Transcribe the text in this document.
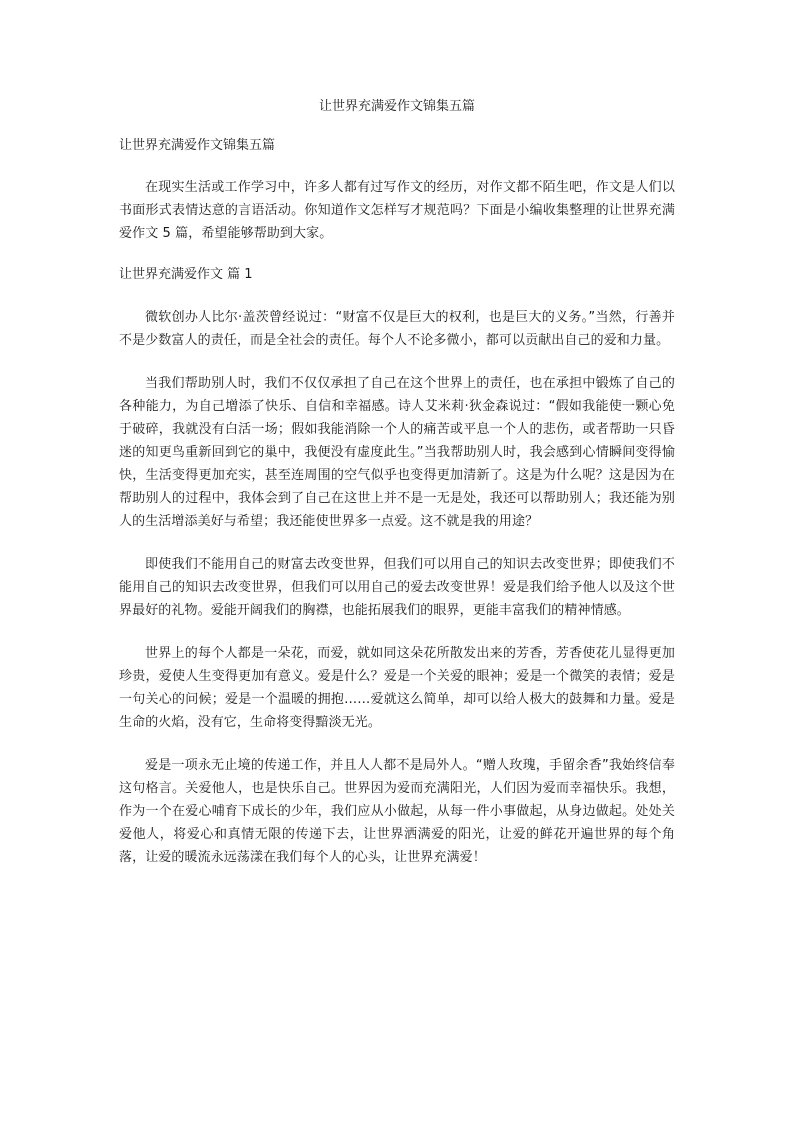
让世界充满爱作文锦集五篇
让世界充满爱作文锦集五篇

在现实生活或工作学习中，许多人都有过写作文的经历，对作文都不陌生吧，作文是人们以书面形式表情达意的言语活动。你知道作文怎样写才规范吗？下面是小编收集整理的让世界充满爱作文 5 篇，希望能够帮助到大家。

让世界充满爱作文 篇 1

微软创办人比尔·盖茨曾经说过：“财富不仅是巨大的权利，也是巨大的义务。”当然，行善并不是少数富人的责任，而是全社会的责任。每个人不论多微小，都可以贡献出自己的爱和力量。

当我们帮助别人时，我们不仅仅承担了自己在这个世界上的责任，也在承担中锻炼了自己的各种能力，为自己增添了快乐、自信和幸福感。诗人艾米莉·狄金森说过：“假如我能使一颗心免于破碎，我就没有白活一场；假如我能消除一个人的痛苦或平息一个人的悲伤，或者帮助一只昏迷的知更鸟重新回到它的巢中，我便没有虚度此生。”当我帮助别人时，我会感到心情瞬间变得愉快，生活变得更加充实，甚至连周围的空气似乎也变得更加清新了。这是为什么呢？这是因为在帮助别人的过程中，我体会到了自己在这世上并不是一无是处，我还可以帮助别人；我还能为别人的生活增添美好与希望；我还能使世界多一点爱。这不就是我的用途？

即使我们不能用自己的财富去改变世界，但我们可以用自己的知识去改变世界；即使我们不能用自己的知识去改变世界，但我们可以用自己的爱去改变世界！爱是我们给予他人以及这个世界最好的礼物。爱能开阔我们的胸襟，也能拓展我们的眼界，更能丰富我们的精神情感。

世界上的每个人都是一朵花，而爱，就如同这朵花所散发出来的芳香，芳香使花儿显得更加珍贵，爱使人生变得更加有意义。爱是什么？爱是一个关爱的眼神；爱是一个微笑的表情；爱是一句关心的问候；爱是一个温暖的拥抱……爱就这么简单，却可以给人极大的鼓舞和力量。爱是生命的火焰，没有它，生命将变得黯淡无光。

爱是一项永无止境的传递工作，并且人人都不是局外人。“赠人玫瑰，手留余香”我始终信奉这句格言。关爱他人，也是快乐自己。世界因为爱而充满阳光，人们因为爱而幸福快乐。我想，作为一个在爱心哺育下成长的少年，我们应从小做起，从每一件小事做起，从身边做起。处处关爱他人，将爱心和真情无限的传递下去，让世界洒满爱的阳光，让爱的鲜花开遍世界的每个角落，让爱的暖流永远荡漾在我们每个人的心头，让世界充满爱！
